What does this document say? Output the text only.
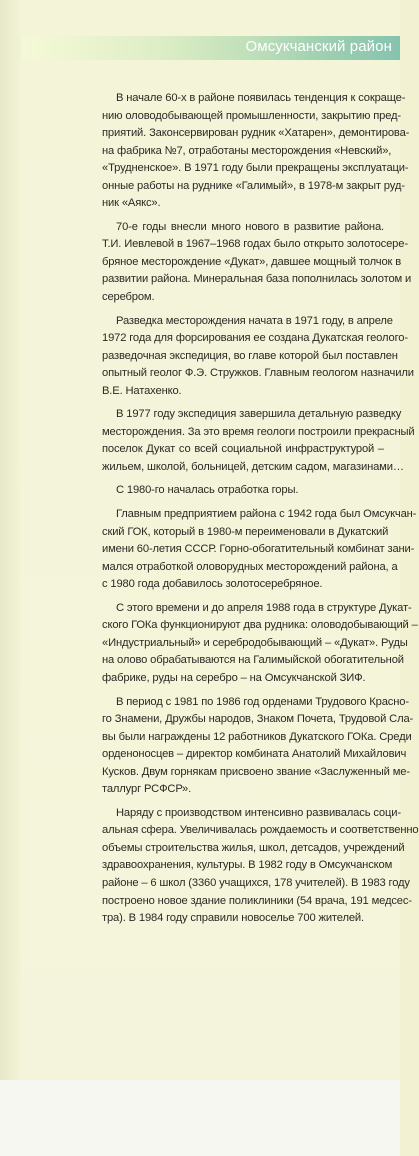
Омсукчанский район

В начале 60-х в районе появилась тенденция к сокраще-
нию оловодобывающей промышленности, закрытию пред-
приятий. Законсервирован рудник «Хатарен», демонтирова-
на фабрика №7, отработаны месторождения «Невский»,
«Трудненское». В 1971 году были прекращены эксплуатаци-
онные работы на руднике «Галимый», в 1978-м закрыт руд-
ник «Аякс».

70-е годы внесли много нового в развитие района.
Т.И. Иевлевой в 1967–1968 годах было открыто золотосере-
бряное месторождение «Дукат», давшее мощный толчок в
развитии района. Минеральная база пополнилась золотом и
серебром.

Разведка месторождения начата в 1971 году, в апреле
1972 года для форсирования ее создана Дукатская геолого-
разведочная экспедиция, во главе которой был поставлен
опытный геолог Ф.Э. Стружков. Главным геологом назначили
В.Е. Натахенко.

В 1977 году экспедиция завершила детальную разведку
месторождения. За это время геологи построили прекрасный
поселок Дукат со всей социальной инфраструктурой –
жильем, школой, больницей, детским садом, магазинами…

С 1980-го началась отработка горы.

Главным предприятием района с 1942 года был Омсукчан-
ский ГОК, который в 1980-м переименовали в Дукатский
имени 60-летия СССР. Горно-обогатительный комбинат зани-
мался отработкой оловорудных месторождений района, а
с 1980 года добавилось золотосеребряное.

С этого времени и до апреля 1988 года в структуре Дукат-
ского ГОКа функционируют два рудника: оловодобывающий –
«Индустриальный» и серебродобывающий – «Дукат». Руды
на олово обрабатываются на Галимыйской обогатительной
фабрике, руды на серебро – на Омсукчанской ЗИФ.

В период с 1981 по 1986 год орденами Трудового Красно-
го Знамени, Дружбы народов, Знаком Почета, Трудовой Сла-
вы были награждены 12 работников Дукатского ГОКа. Среди
орденоносцев – директор комбината Анатолий Михайлович
Кусков. Двум горнякам присвоено звание «Заслуженный ме-
таллург РСФСР».

Наряду с производством интенсивно развивалась соци-
альная сфера. Увеличивалась рождаемость и соответственно
объемы строительства жилья, школ, детсадов, учреждений
здравоохранения, культуры. В 1982 году в Омсукчанском
районе – 6 школ (3360 учащихся, 178 учителей). В 1983 году
построено новое здание поликлиники (54 врача, 191 медсес-
тра). В 1984 году справили новоселье 700 жителей.
